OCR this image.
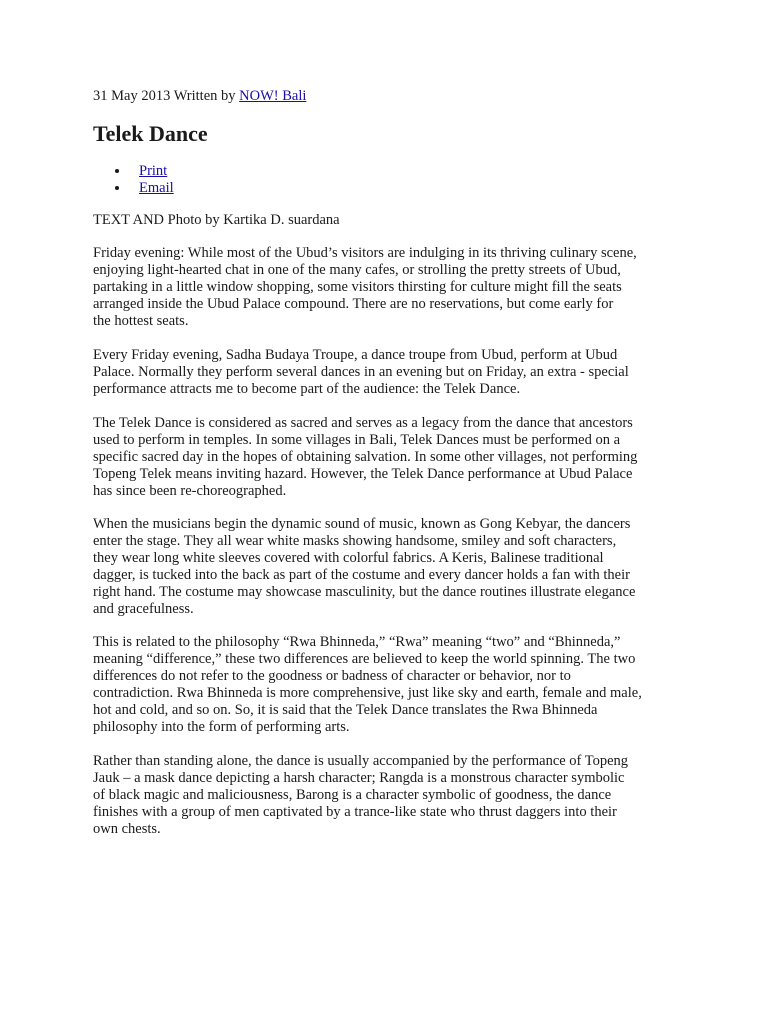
31 May 2013 Written by NOW! Bali
Telek Dance
Print
Email
TEXT AND Photo by Kartika D. suardana

Friday evening: While most of the Ubud’s visitors are indulging in its thriving culinary scene,
enjoying light-hearted chat in one of the many cafes, or strolling the pretty streets of Ubud,
partaking in a little window shopping, some visitors thirsting for culture might fill the seats
arranged inside the Ubud Palace compound. There are no reservations, but come early for
the hottest seats.

Every Friday evening, Sadha Budaya Troupe, a dance troupe from Ubud, perform at Ubud
Palace. Normally they perform several dances in an evening but on Friday, an extra - special
performance attracts me to become part of the audience: the Telek Dance.

The Telek Dance is considered as sacred and serves as a legacy from the dance that ancestors
used to perform in temples. In some villages in Bali, Telek Dances must be performed on a
specific sacred day in the hopes of obtaining salvation. In some other villages, not performing
Topeng Telek means inviting hazard. However, the Telek Dance performance at Ubud Palace
has since been re-choreographed.

When the musicians begin the dynamic sound of music, known as Gong Kebyar, the dancers
enter the stage. They all wear white masks showing handsome, smiley and soft characters,
they wear long white sleeves covered with colorful fabrics. A Keris, Balinese traditional
dagger, is tucked into the back as part of the costume and every dancer holds a fan with their
right hand. The costume may showcase masculinity, but the dance routines illustrate elegance
and gracefulness.

This is related to the philosophy “Rwa Bhinneda,” “Rwa” meaning “two” and “Bhinneda,”
meaning “difference,” these two differences are believed to keep the world spinning. The two
differences do not refer to the goodness or badness of character or behavior, nor to
contradiction. Rwa Bhinneda is more comprehensive, just like sky and earth, female and male,
hot and cold, and so on. So, it is said that the Telek Dance translates the Rwa Bhinneda
philosophy into the form of performing arts.

Rather than standing alone, the dance is usually accompanied by the performance of Topeng
Jauk – a mask dance depicting a harsh character; Rangda is a monstrous character symbolic
of black magic and maliciousness, Barong is a character symbolic of goodness, the dance
finishes with a group of men captivated by a trance-like state who thrust daggers into their
own chests.
